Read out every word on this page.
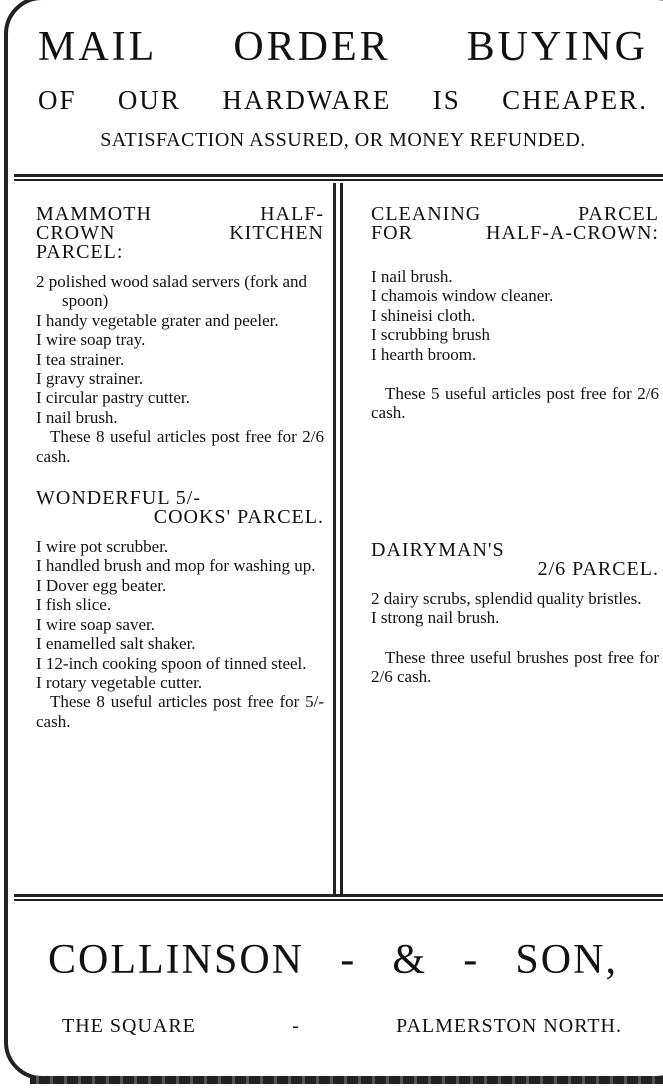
MAIL ORDER BUYING
OF OUR HARDWARE IS CHEAPER.
SATISFACTION ASSURED, OR MONEY REFUNDED.
MAMMOTH HALF-
CROWN KITCHEN
PARCEL:
2 polished wood salad servers (fork and spoon)
I handy vegetable grater and peeler.
I wire soap tray.
I tea strainer.
I gravy strainer.
I circular pastry cutter.
I nail brush.
These 8 useful articles post free for 2/6 cash.
WONDERFUL 5/-
COOKS' PARCEL.
I wire pot scrubber.
I handled brush and mop for washing up.
I Dover egg beater.
I fish slice.
I wire soap saver.
I enamelled salt shaker.
I 12-inch cooking spoon of tinned steel.
I rotary vegetable cutter.
These 8 useful articles post free for 5/- cash.
CLEANING PARCEL
FOR HALF-A-CROWN:
I nail brush.
I chamois window cleaner.
I shineisi cloth.
I scrubbing brush
I hearth broom.
These 5 useful articles post free for 2/6 cash.
DAIRYMAN'S
2/6 PARCEL.
2 dairy scrubs, splendid quality bristles.
I strong nail brush.
These three useful brushes post free for 2/6 cash.
COLLINSON - & - SON,
THE SQUARE	-	PALMERSTON NORTH.
